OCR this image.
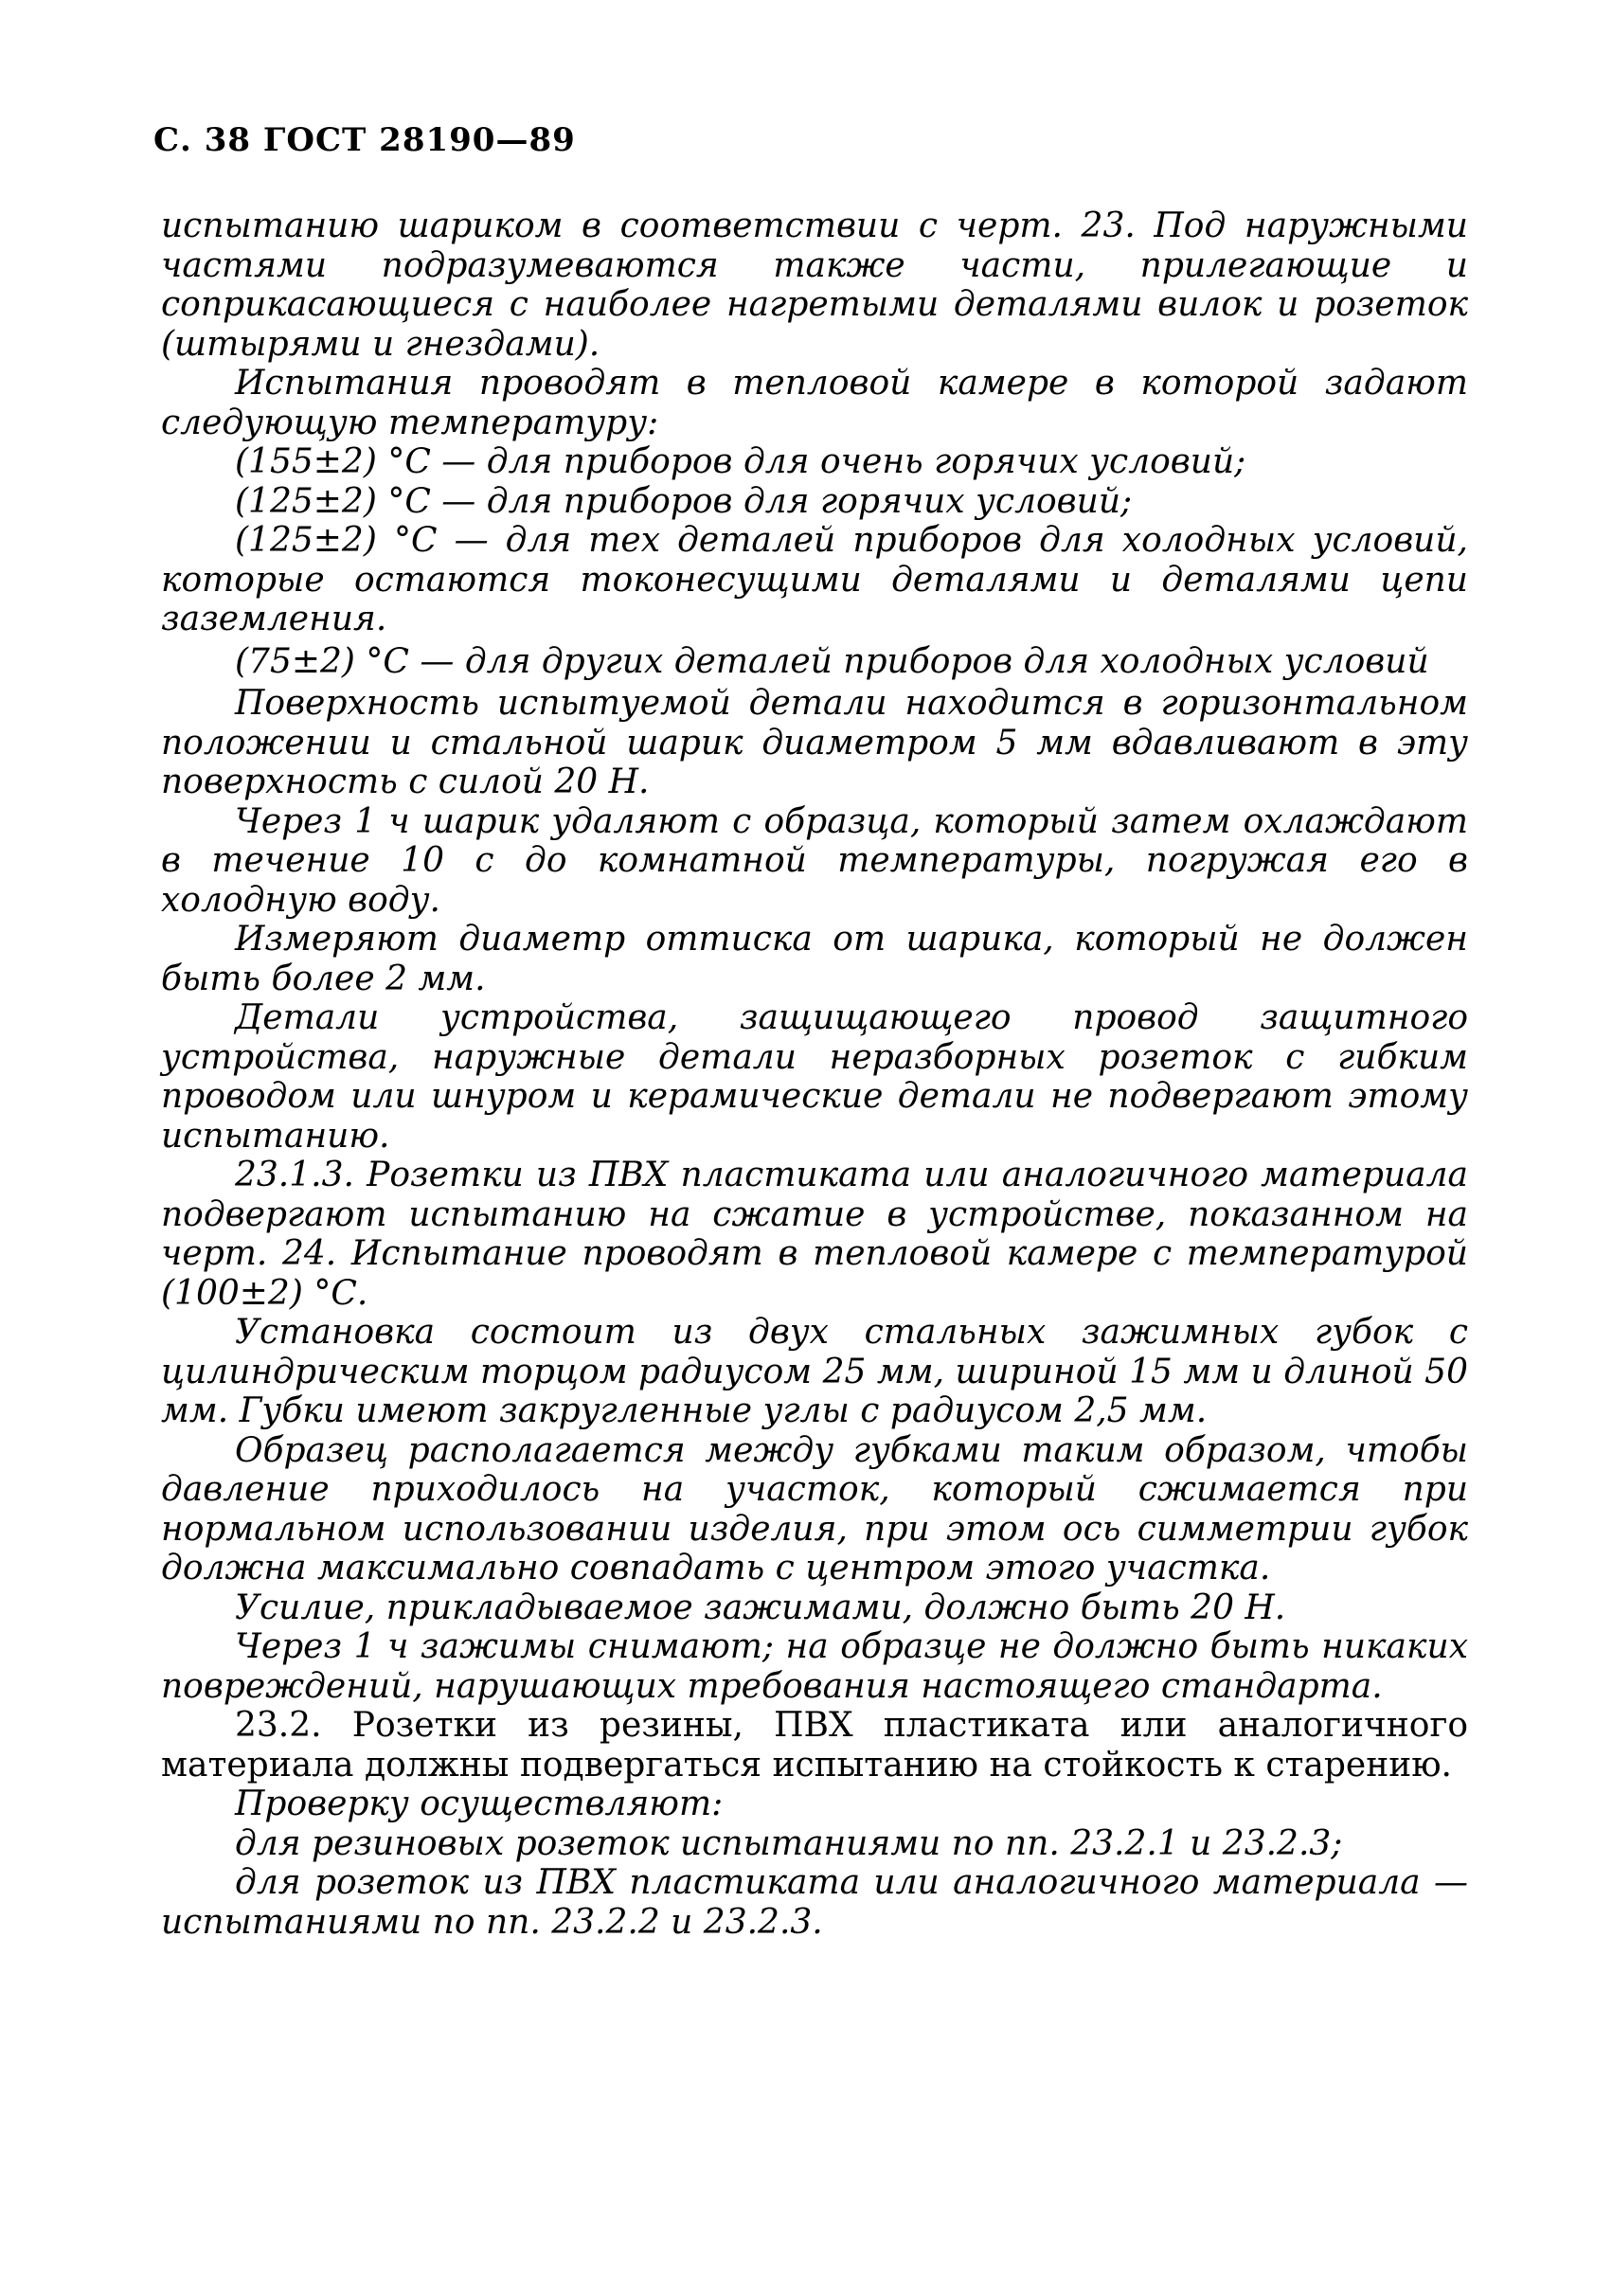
С. 38 ГОСТ 28190—89

испытанию шариком в соответствии с черт. 23. Под наружными частями подразумеваются также части, прилегающие и соприкасающиеся с наиболее нагретыми деталями вилок и розеток (штырями и гнездами).

Испытания проводят в тепловой камере в которой задают следующую температуру:

(155±2) °С — для приборов для очень горячих условий;

(125±2) °С — для приборов для горячих условий;

(125±2) °С — для тех деталей приборов для холодных условий, которые остаются токонесущими деталями и деталями цепи заземления.

(75±2) °С — для других деталей приборов для холодных условий

Поверхность испытуемой детали находится в горизонтальном положении и стальной шарик диаметром 5 мм вдавливают в эту поверхность с силой 20 Н.

Через 1 ч шарик удаляют с образца, который затем охлаждают в течение 10 с до комнатной температуры, погружая его в холодную воду.

Измеряют диаметр оттиска от шарика, который не должен быть более 2 мм.

Детали устройства, защищающего провод защитного устройства, наружные детали неразборных розеток с гибким проводом или шнуром и керамические детали не подвергают этому испытанию.

23.1.3. Розетки из ПВХ пластиката или аналогичного материала подвергают испытанию на сжатие в устройстве, показанном на черт. 24. Испытание проводят в тепловой камере с температурой (100±2) °С.

Установка состоит из двух стальных зажимных губок с цилиндрическим торцом радиусом 25 мм, шириной 15 мм и длиной 50 мм. Губки имеют закругленные углы с радиусом 2,5 мм.

Образец располагается между губками таким образом, чтобы давление приходилось на участок, который сжимается при нормальном использовании изделия, при этом ось симметрии губок должна максимально совпадать с центром этого участка.

Усилие, прикладываемое зажимами, должно быть 20 Н.

Через 1 ч зажимы снимают; на образце не должно быть никаких повреждений, нарушающих требования настоящего стандарта.

23.2. Розетки из резины, ПВХ пластиката или аналогичного материала должны подвергаться испытанию на стойкость к старению.

Проверку осуществляют:

для резиновых розеток испытаниями по пп. 23.2.1 и 23.2.3;

для розеток из ПВХ пластиката или аналогичного материала — испытаниями по пп. 23.2.2 и 23.2.3.
